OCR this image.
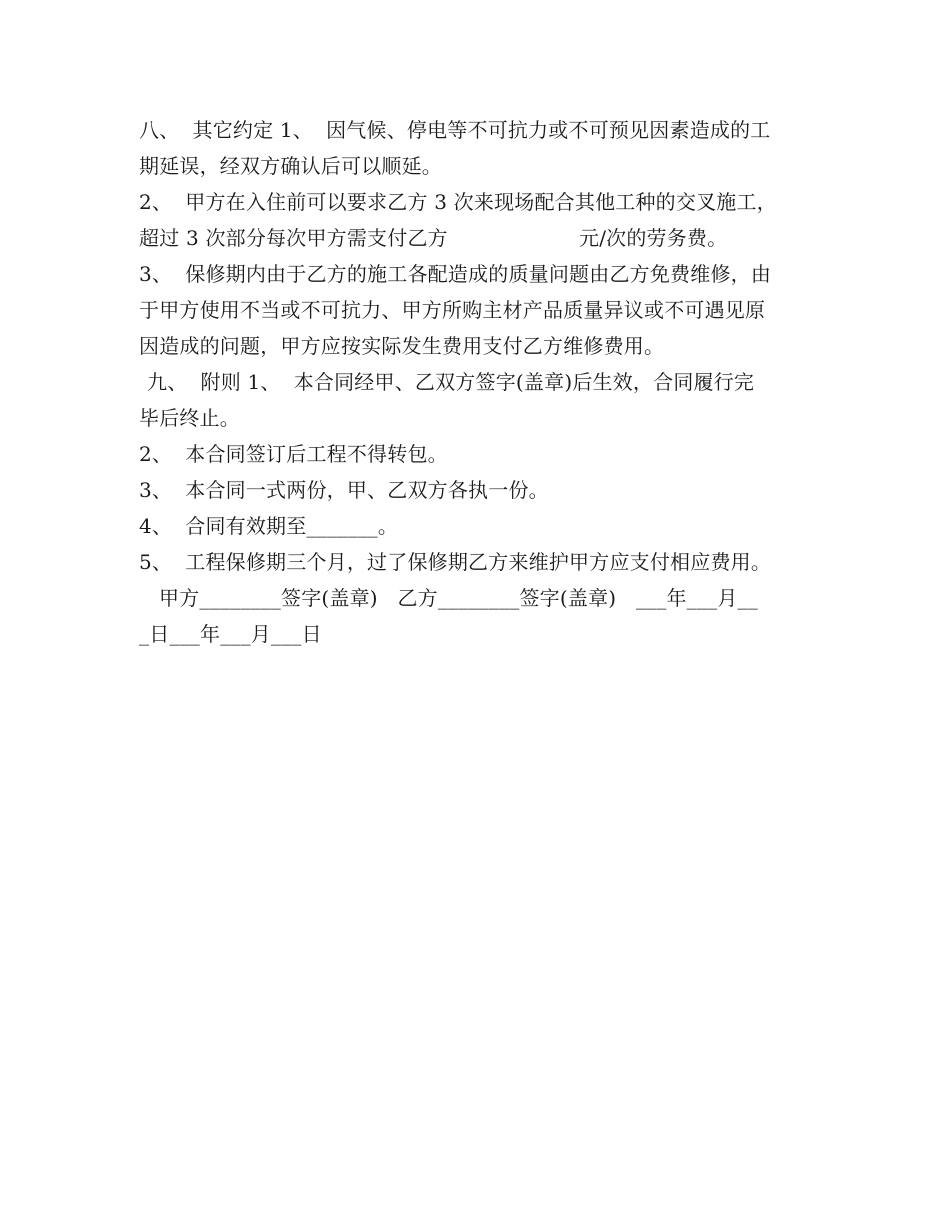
八、  其它约定 1、  因气候、停电等不可抗力或不可预见因素造成的工
期延误，经双方确认后可以顺延。
2、  甲方在入住前可以要求乙方 3 次来现场配合其他工种的交叉施工，
超过 3 次部分每次甲方需支付乙方                    元/次的劳务费。
3、  保修期内由于乙方的施工各配造成的质量问题由乙方免费维修，由
于甲方使用不当或不可抗力、甲方所购主材产品质量异议或不可遇见原
因造成的问题，甲方应按实际发生费用支付乙方维修费用。
九、  附则 1、  本合同经甲、乙双方签字(盖章)后生效，合同履行完
毕后终止。
2、  本合同签订后工程不得转包。
3、  本合同一式两份，甲、乙双方各执一份。
4、  合同有效期至_______。
5、  工程保修期三个月，过了保修期乙方来维护甲方应支付相应费用。
甲方________签字(盖章)   乙方________签字(盖章)   ___年___月__
_日___年___月___日
